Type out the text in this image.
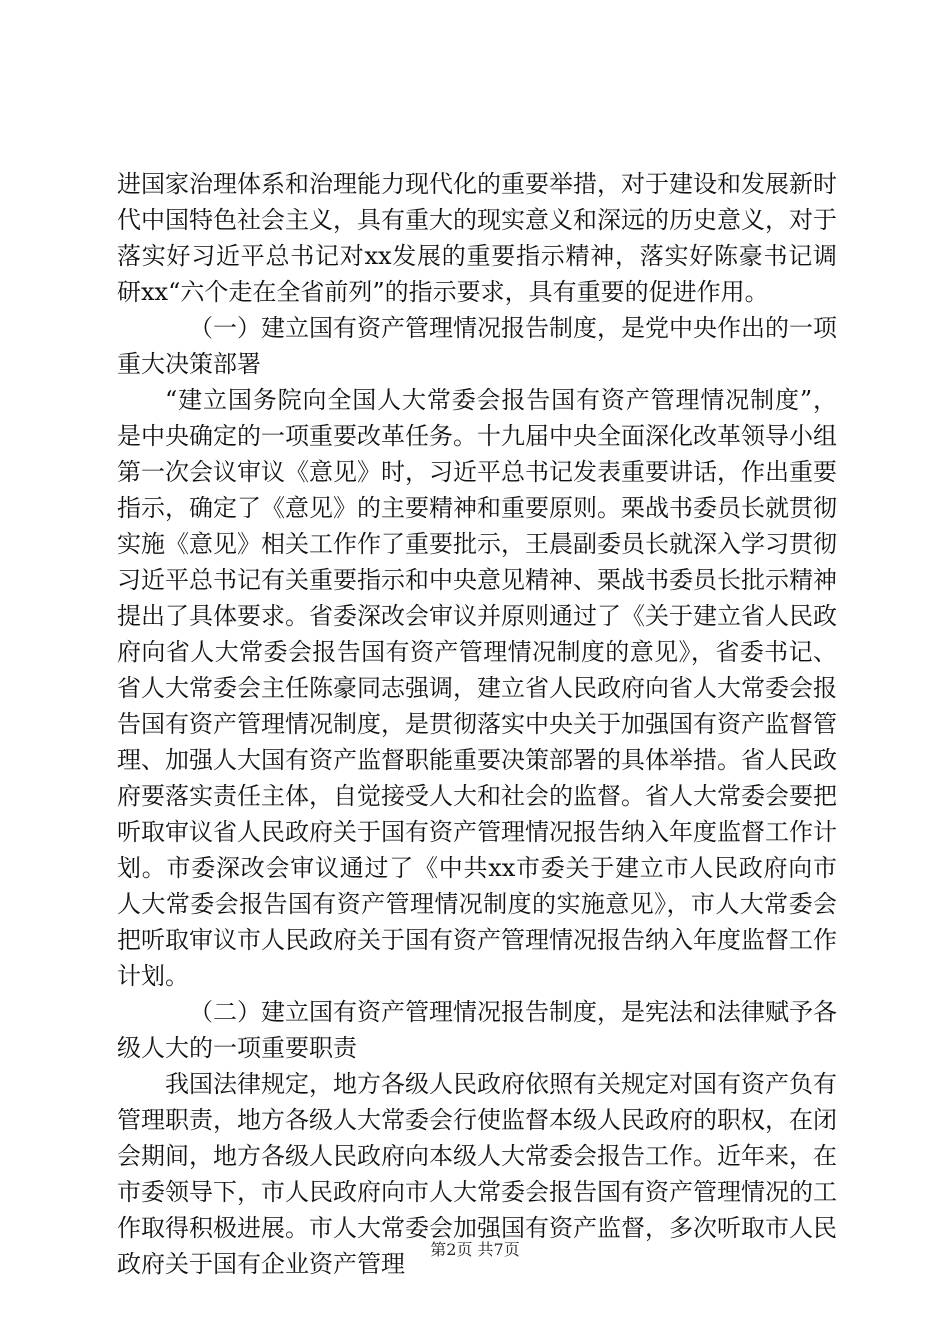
进国家治理体系和治理能力现代化的重要举措，对于建设和发展新时代中国特色社会主义，具有重大的现实意义和深远的历史意义，对于落实好习近平总书记对xx发展的重要指示精神，落实好陈豪书记调研xx“六个走在全省前列”的指示要求，具有重要的促进作用。

（一）建立国有资产管理情况报告制度，是党中央作出的一项重大决策部署

“建立国务院向全国人大常委会报告国有资产管理情况制度”，是中央确定的一项重要改革任务。十九届中央全面深化改革领导小组第一次会议审议《意见》时，习近平总书记发表重要讲话，作出重要指示，确定了《意见》的主要精神和重要原则。栗战书委员长就贯彻实施《意见》相关工作作了重要批示，王晨副委员长就深入学习贯彻习近平总书记有关重要指示和中央意见精神、栗战书委员长批示精神提出了具体要求。省委深改会审议并原则通过了《关于建立省人民政府向省人大常委会报告国有资产管理情况制度的意见》，省委书记、省人大常委会主任陈豪同志强调，建立省人民政府向省人大常委会报告国有资产管理情况制度，是贯彻落实中央关于加强国有资产监督管理、加强人大国有资产监督职能重要决策部署的具体举措。省人民政府要落实责任主体，自觉接受人大和社会的监督。省人大常委会要把听取审议省人民政府关于国有资产管理情况报告纳入年度监督工作计划。市委深改会审议通过了《中共xx市委关于建立市人民政府向市人大常委会报告国有资产管理情况制度的实施意见》，市人大常委会把听取审议市人民政府关于国有资产管理情况报告纳入年度监督工作计划。

（二）建立国有资产管理情况报告制度，是宪法和法律赋予各级人大的一项重要职责

我国法律规定，地方各级人民政府依照有关规定对国有资产负有管理职责，地方各级人大常委会行使监督本级人民政府的职权，在闭会期间，地方各级人民政府向本级人大常委会报告工作。近年来，在市委领导下，市人民政府向市人大常委会报告国有资产管理情况的工作取得积极进展。市人大常委会加强国有资产监督，多次听取市人民政府关于国有企业资产管理

第2页 共7页
